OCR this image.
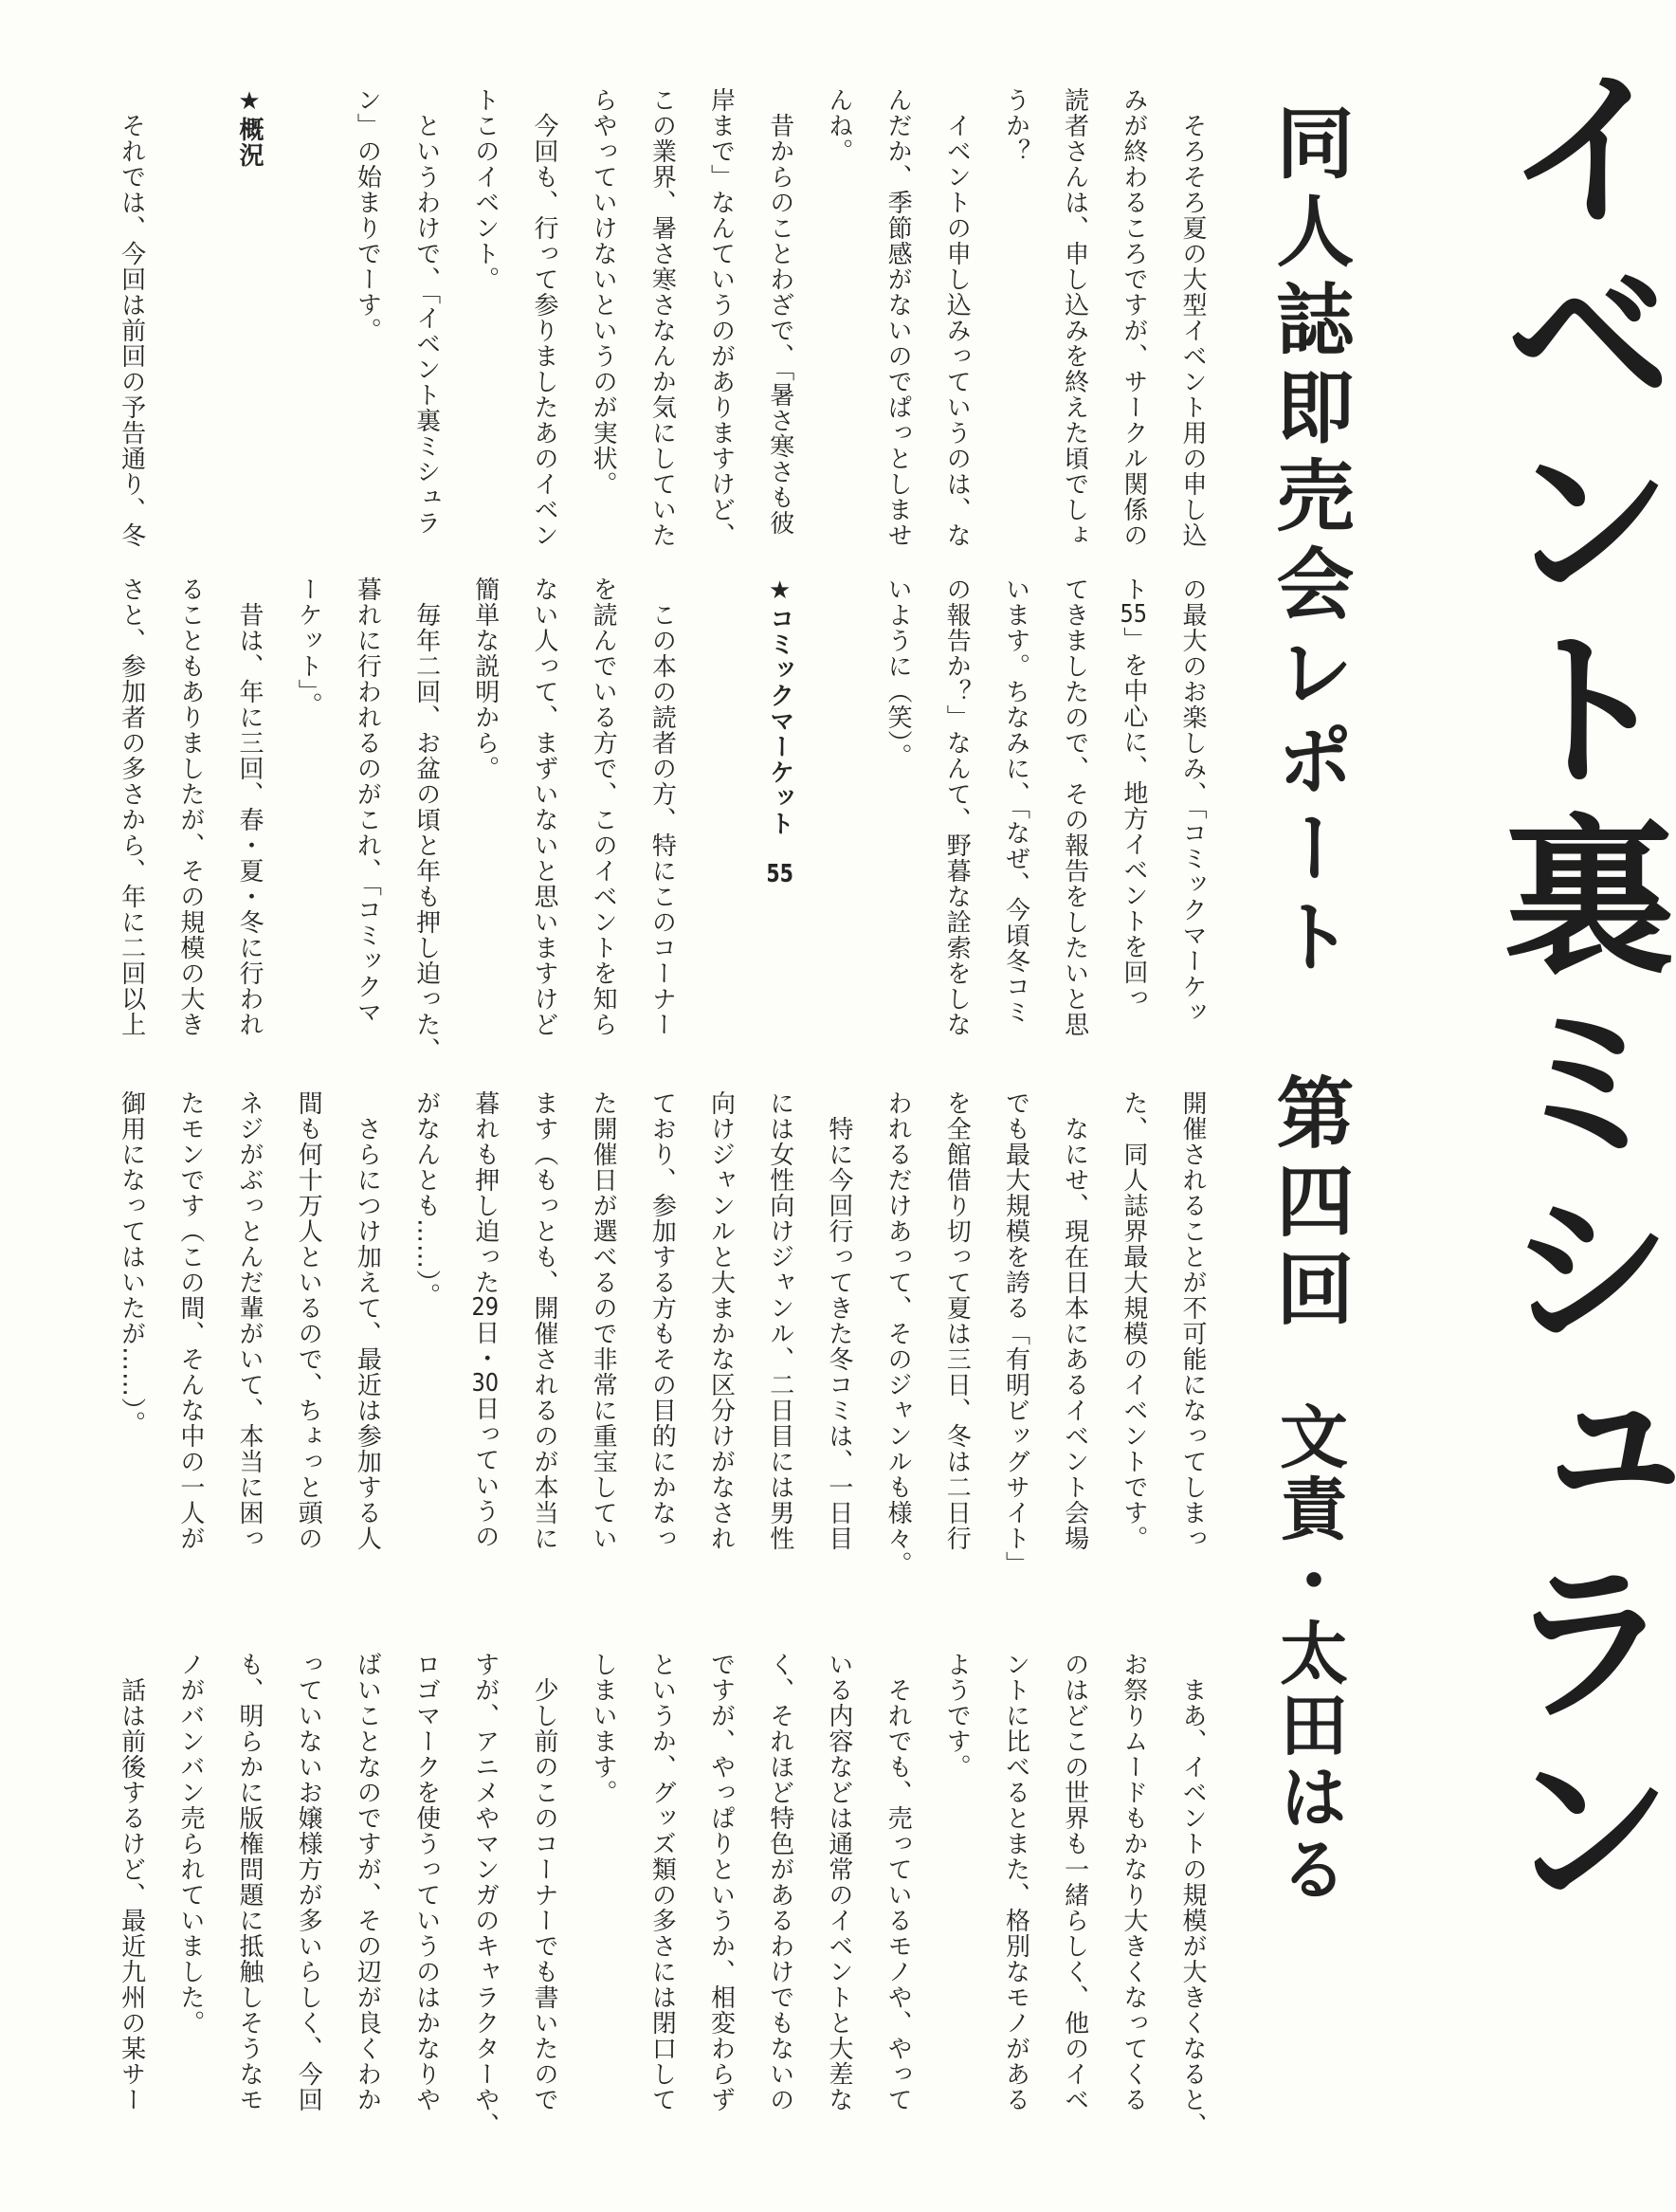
イベント裏ミシュラン
同人誌即売会レポート　第四回
文責・太田はる
　そろそろ夏の大型イベント用の申し込
みが終わるころですが、サークル関係の
読者さんは、申し込みを終えた頃でしょ
うか？
　イベントの申し込みっていうのは、な
んだか、季節感がないのでぱっとしませ
んね。
　昔からのことわざで、「暑さ寒さも彼
岸まで」なんていうのがありますけど、
この業界、暑さ寒さなんか気にしていた
らやっていけないというのが実状。
　今回も、行って参りましたあのイベン
トこのイベント。
　というわけで、「イベント裏ミシュラ
ン」の始まりでーす。
★概況
　それでは、今回は前回の予告通り、冬
の最大のお楽しみ、「コミックマーケッ
ト55」を中心に、地方イベントを回っ
てきましたので、その報告をしたいと思
います。ちなみに、「なぜ、今頃冬コミ
の報告か？」なんて、野暮な詮索をしな
いように（笑）。
★コミックマーケット　55
　この本の読者の方、特にこのコーナー
を読んでいる方で、このイベントを知ら
ない人って、まずいないと思いますけど
簡単な説明から。
　毎年二回、お盆の頃と年も押し迫った、
暮れに行われるのがこれ、「コミックマ
ーケット」。
　昔は、年に三回、春・夏・冬に行われ
ることもありましたが、その規模の大き
さと、参加者の多さから、年に二回以上
開催されることが不可能になってしまっ
た、同人誌界最大規模のイベントです。
　なにせ、現在日本にあるイベント会場
でも最大規模を誇る「有明ビッグサイト」
を全館借り切って夏は三日、冬は二日行
われるだけあって、そのジャンルも様々。
　特に今回行ってきた冬コミは、一日目
には女性向けジャンル、二日目には男性
向けジャンルと大まかな区分けがなされ
ており、参加する方もその目的にかなっ
た開催日が選べるので非常に重宝してい
ます（もっとも、開催されるのが本当に
暮れも押し迫った29日・30日っていうの
がなんとも……）。
　さらにつけ加えて、最近は参加する人
間も何十万人といるので、ちょっと頭の
ネジがぶっとんだ輩がいて、本当に困っ
たモンです（この間、そんな中の一人が
御用になってはいたが……）。
　まあ、イベントの規模が大きくなると、
お祭りムードもかなり大きくなってくる
のはどこの世界も一緒らしく、他のイベ
ントに比べるとまた、格別なモノがある
ようです。
　それでも、売っているモノや、やって
いる内容などは通常のイベントと大差な
く、それほど特色があるわけでもないの
ですが、やっぱりというか、相変わらず
というか、グッズ類の多さには閉口して
しまいます。
　少し前のこのコーナーでも書いたので
すが、アニメやマンガのキャラクターや、
ロゴマークを使うっていうのはかなりや
ばいことなのですが、その辺が良くわか
っていないお嬢様方が多いらしく、今回
も、明らかに版権問題に抵触しそうなモ
ノがバンバン売られていました。
　話は前後するけど、最近九州の某サー
